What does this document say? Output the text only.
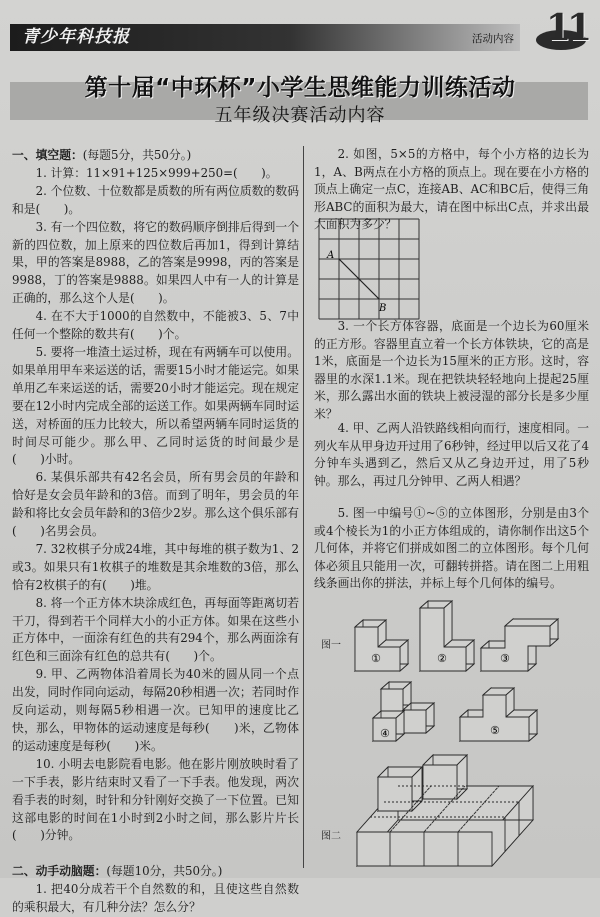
青少年科技报	活动内容 11
第十届“中环杯”小学生思维能力训练活动
五年级决赛活动内容

一、填空题：(每题5分，共50分。)

1. 计算：11×91+125×999+250=(　　)。

2. 个位数、十位数都是质数的所有两位质数的数码和是(　　)。

3. 有一个四位数，将它的数码顺序倒排后得到一个新的四位数，加上原来的四位数后再加1，得到计算结果，甲的答案是8988，乙的答案是9998，丙的答案是9988，丁的答案是9888。如果四人中有一人的计算是正确的，那么这个人是(　　)。

4. 在不大于1000的自然数中，不能被3、5、7中任何一个整除的数共有(　　)个。

5. 要将一堆渣土运过桥，现在有两辆车可以使用。如果单用甲车来运送的话，需要15小时才能运完。如果单用乙车来运送的话，需要20小时才能运完。现在规定要在12小时内完成全部的运送工作。如果两辆车同时运送，对桥面的压力比较大，所以希望两辆车同时运货的时间尽可能少。那么甲、乙同时运货的时间最少是(　　)小时。

6. 某俱乐部共有42名会员，所有男会员的年龄和恰好是女会员年龄和的3倍。而到了明年，男会员的年龄和将比女会员年龄和的3倍少2岁。那么这个俱乐部有(　　)名男会员。

7. 32枚棋子分成24堆，其中每堆的棋子数为1、2或3。如果只有1枚棋子的堆数是其余堆数的3倍，那么恰有2枚棋子的有(　　)堆。

8. 将一个正方体木块涂成红色，再每面等距离切若干刀，得到若干个同样大小的小正方体。如果在这些小正方体中，一面涂有红色的共有294个，那么两面涂有红色和三面涂有红色的总共有(　　)个。

9. 甲、乙两物体沿着周长为40米的圆从同一个点出发，同时作同向运动，每隔20秒相遇一次；若同时作反向运动，则每隔5秒相遇一次。已知甲的速度比乙快，那么，甲物体的运动速度是每秒(　　)米，乙物体的运动速度是每秒(　　)米。

10. 小明去电影院看电影。他在影片刚放映时看了一下手表，影片结束时又看了一下手表。他发现，两次看手表的时刻，时针和分针刚好交换了一下位置。已知这部电影的时间在1小时到2小时之间，那么影片片长(　　)分钟。

二、动手动脑题：(每题10分，共50分。)

1. 把40分成若干个自然数的和，且使这些自然数的乘积最大，有几种分法？怎么分？

2. 如图，5×5的方格中，每个小方格的边长为1，A、B两点在小方格的顶点上。现在要在小方格的顶点上确定一点C，连接AB、AC和BC后，使得三角形ABC的面积为最大，请在图中标出C点，并求出最大面积为多少？

3. 一个长方体容器，底面是一个边长为60厘米的正方形。容器里直立着一个长方体铁块，它的高是1米，底面是一个边长为15厘米的正方形。这时，容器里的水深1.1米。现在把铁块轻轻地向上提起25厘米，那么露出水面的铁块上被浸湿的部分长是多少厘米？

4. 甲、乙两人沿铁路线相向而行，速度相同。一列火车从甲身边开过用了6秒钟，经过甲以后又花了4分钟车头遇到乙，然后又从乙身边开过，用了5秒钟。那么，再过几分钟甲、乙两人相遇？

5. 图一中编号①~⑤的立体图形，分别是由3个或4个棱长为1的小正方体组成的，请你制作出这5个几何体，并将它们拼成如图二的立体图形。每个几何体必须且只能用一次，可翻转拼搭。请在图二上用粗线条画出你的拼法，并标上每个几何体的编号。

A
B
图一
图二
①	②	③
④	⑤
